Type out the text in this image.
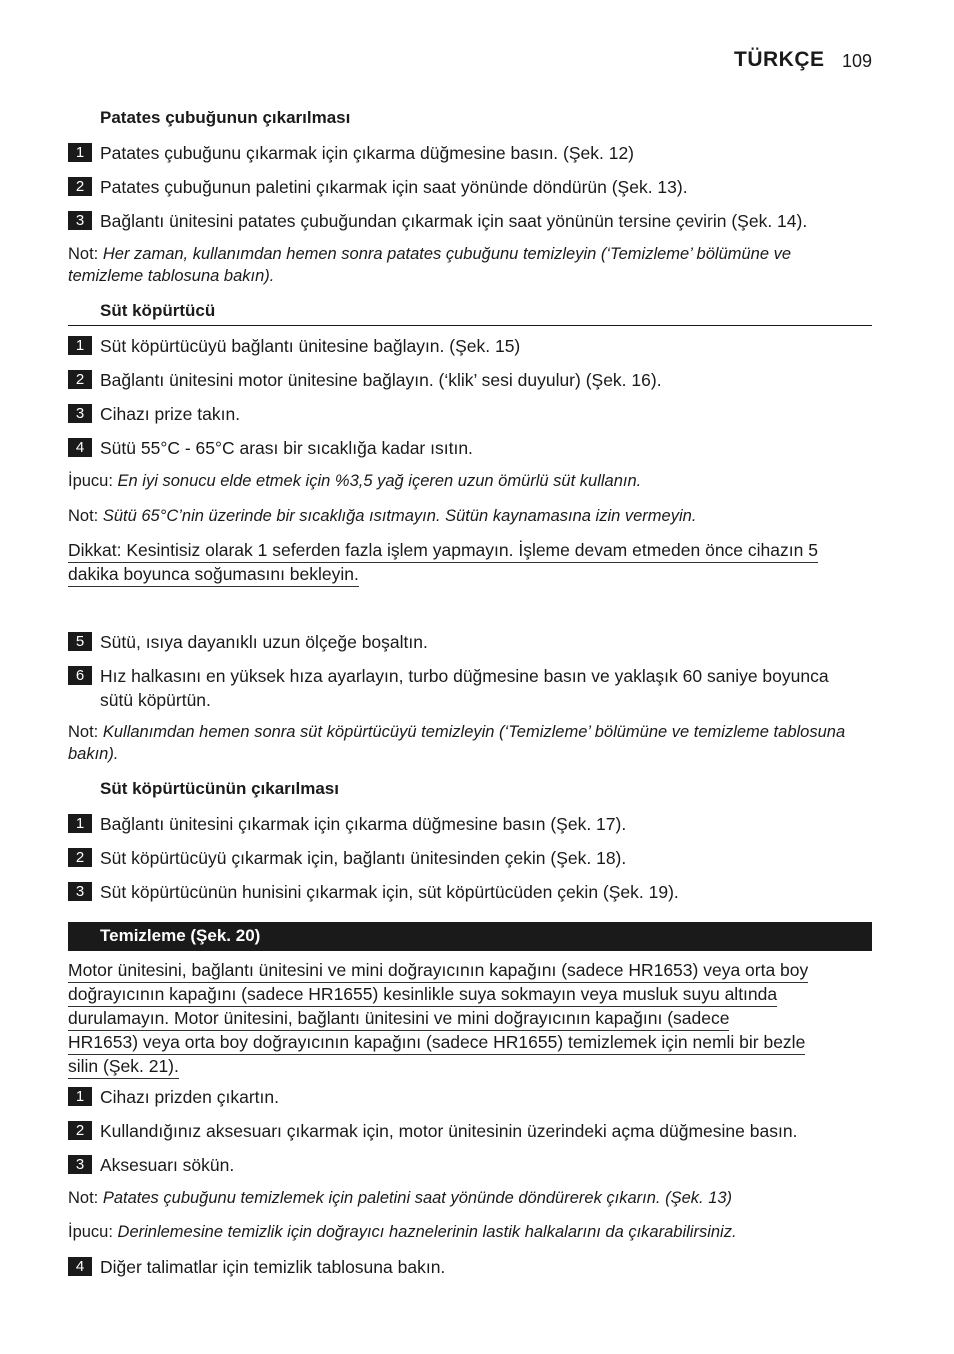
TÜRKÇE 109
Patates çubuğunun çıkarılması
1 Patates çubuğunu çıkarmak için çıkarma düğmesine basın. (Şek. 12)
2 Patates çubuğunun paletini çıkarmak için saat yönünde döndürün (Şek. 13).
3 Bağlantı ünitesini patates çubuğundan çıkarmak için saat yönünün tersine çevirin (Şek. 14).
Not: Her zaman, kullanımdan hemen sonra patates çubuğunu temizleyin (‘Temizleme’ bölümüne ve temizleme tablosuna bakın).
Süt köpürtücü
1 Süt köpürtücüyü bağlantı ünitesine bağlayın. (Şek. 15)
2 Bağlantı ünitesini motor ünitesine bağlayın. (‘klik’ sesi duyulur) (Şek. 16).
3 Cihazı prize takın.
4 Sütü 55°C - 65°C arası bir sıcaklığa kadar ısıtın.
İpucu: En iyi sonucu elde etmek için %3,5 yağ içeren uzun ömürlü süt kullanın.
Not: Sütü 65°C’nin üzerinde bir sıcaklığa ısıtmayın. Sütün kaynamasına izin vermeyin.
Dikkat: Kesintisiz olarak 1 seferden fazla işlem yapmayın. İşleme devam etmeden önce cihazın 5
dakika boyunca soğumasını bekleyin.
5 Sütü, ısıya dayanıklı uzun ölçeğe boşaltın.
6 Hız halkasını en yüksek hıza ayarlayın, turbo düğmesine basın ve yaklaşık 60 saniye boyunca sütü köpürtün.
Not: Kullanımdan hemen sonra süt köpürtücüyü temizleyin (‘Temizleme’ bölümüne ve temizleme tablosuna bakın).
Süt köpürtücünün çıkarılması
1 Bağlantı ünitesini çıkarmak için çıkarma düğmesine basın (Şek. 17).
2 Süt köpürtücüyü çıkarmak için, bağlantı ünitesinden çekin (Şek. 18).
3 Süt köpürtücünün hunisini çıkarmak için, süt köpürtücüden çekin (Şek. 19).
Temizleme (Şek. 20)
Motor ünitesini, bağlantı ünitesini ve mini doğrayıcının kapağını (sadece HR1653) veya orta boy
doğrayıcının kapağını (sadece HR1655) kesinlikle suya sokmayın veya musluk suyu altında
durulamayın. Motor ünitesini, bağlantı ünitesini ve mini doğrayıcının kapağını (sadece
HR1653) veya orta boy doğrayıcının kapağını (sadece HR1655) temizlemek için nemli bir bezle
silin (Şek. 21).
1 Cihazı prizden çıkartın.
2 Kullandığınız aksesuarı çıkarmak için, motor ünitesinin üzerindeki açma düğmesine basın.
3 Aksesuarı sökün.
Not: Patates çubuğunu temizlemek için paletini saat yönünde döndürerek çıkarın. (Şek. 13)
İpucu: Derinlemesine temizlik için doğrayıcı haznelerinin lastik halkalarını da çıkarabilirsiniz.
4 Diğer talimatlar için temizlik tablosuna bakın.
